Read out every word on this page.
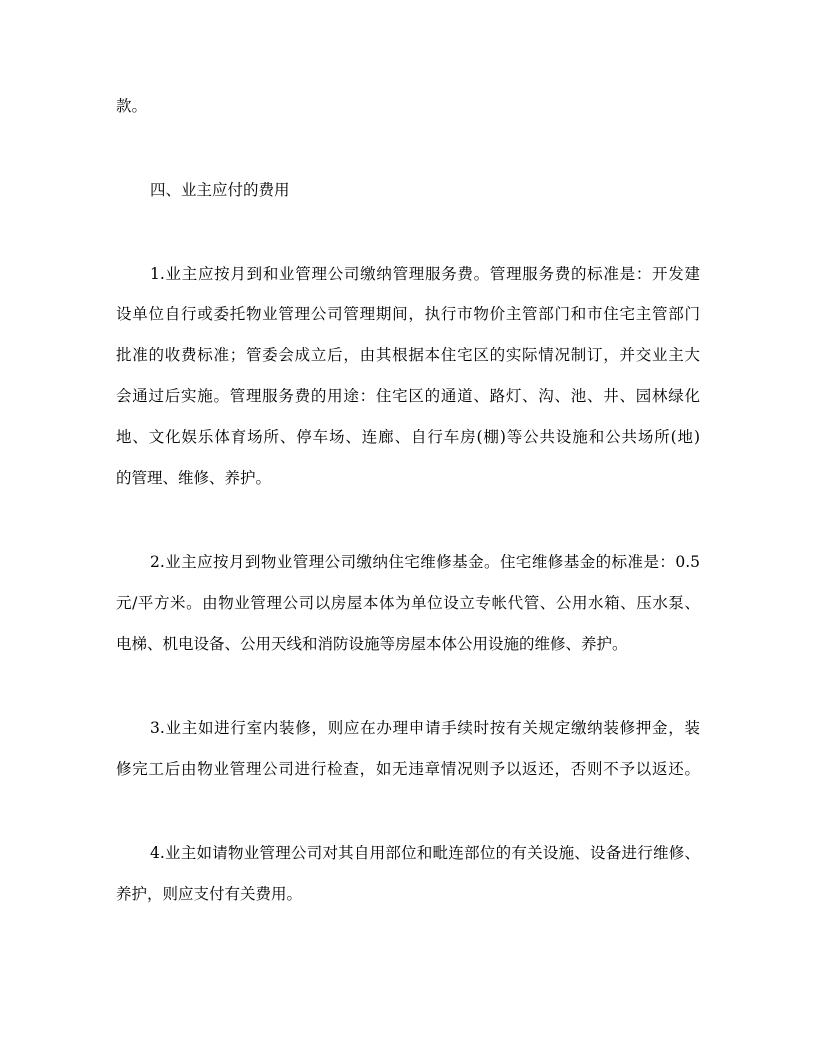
款。
四、业主应付的费用
1.业主应按月到和业管理公司缴纳管理服务费。管理服务费的标准是：开发建
设单位自行或委托物业管理公司管理期间，执行市物价主管部门和市住宅主管部门
批准的收费标准；管委会成立后，由其根据本住宅区的实际情况制订，并交业主大
会通过后实施。管理服务费的用途：住宅区的通道、路灯、沟、池、井、园林绿化
地、文化娱乐体育场所、停车场、连廊、自行车房(棚)等公共设施和公共场所(地)
的管理、维修、养护。
2.业主应按月到物业管理公司缴纳住宅维修基金。住宅维修基金的标准是：0.5
元/平方米。由物业管理公司以房屋本体为单位设立专帐代管、公用水箱、压水泵、
电梯、机电设备、公用天线和消防设施等房屋本体公用设施的维修、养护。
3.业主如进行室内装修，则应在办理申请手续时按有关规定缴纳装修押金，装
修完工后由物业管理公司进行检查，如无违章情况则予以返还，否则不予以返还。
4.业主如请物业管理公司对其自用部位和毗连部位的有关设施、设备进行维修、
养护，则应支付有关费用。
